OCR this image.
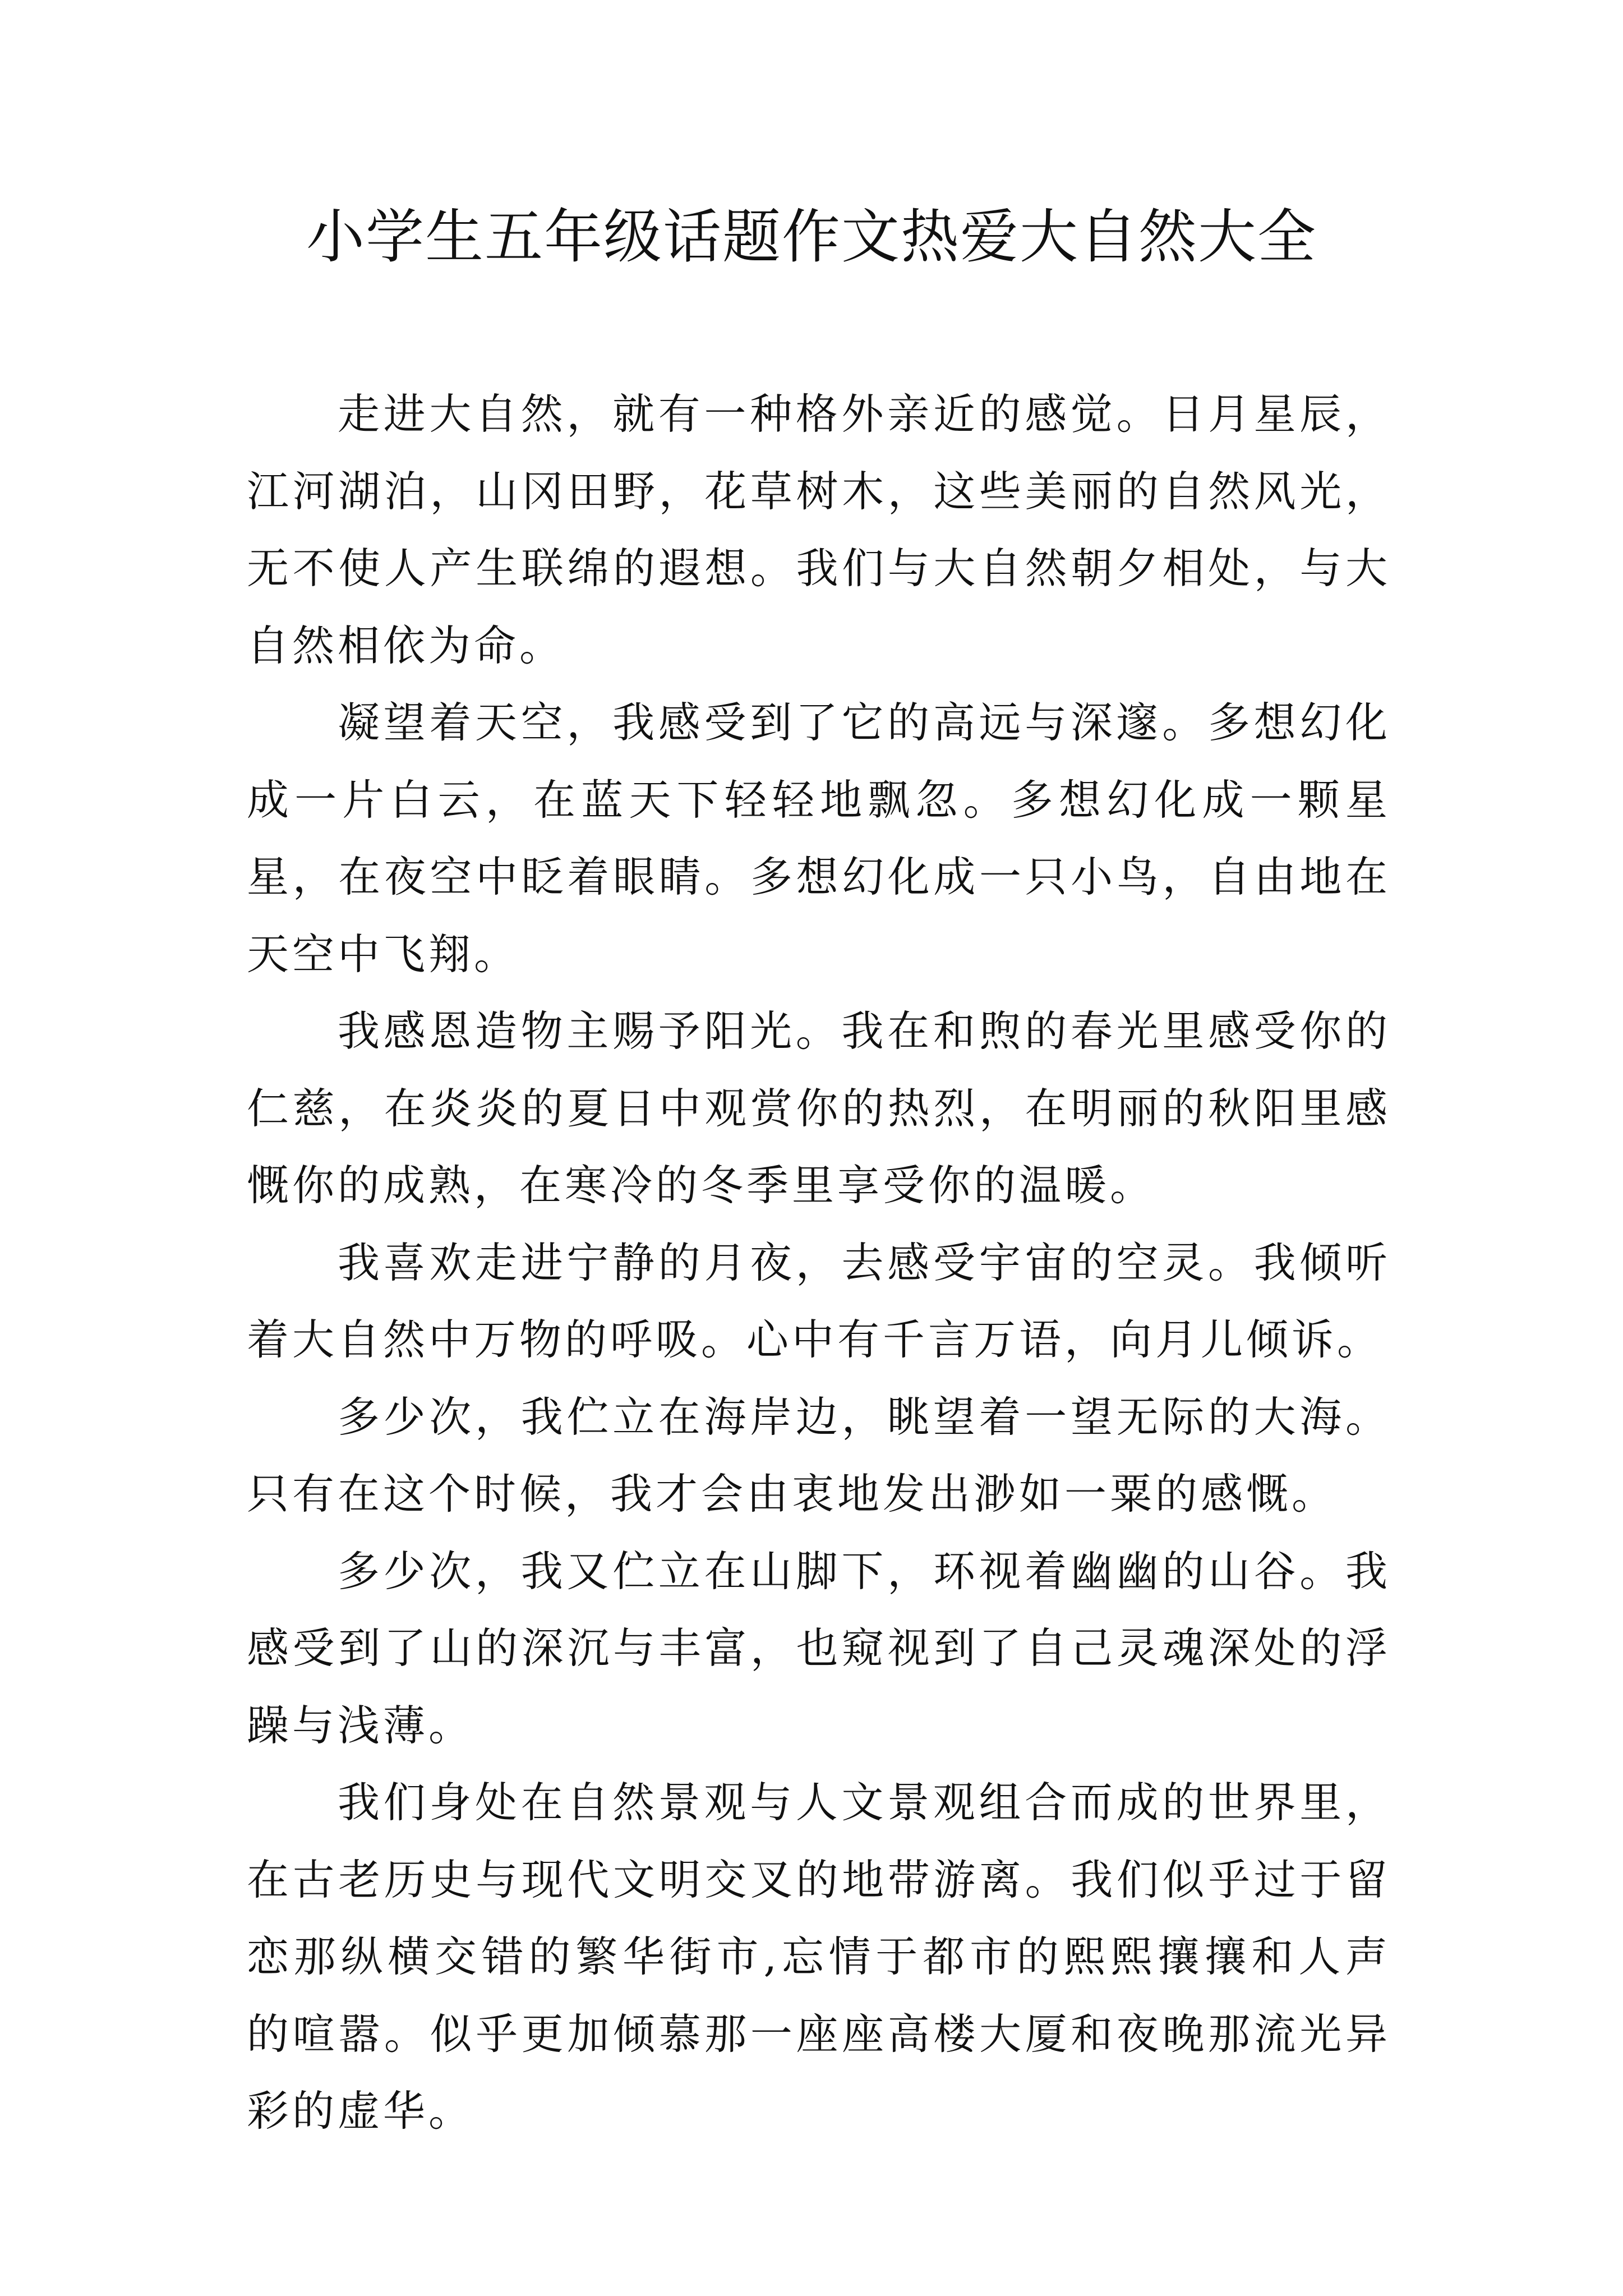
小学生五年级话题作文热爱大自然大全

走进大自然，就有一种格外亲近的感觉。日月星辰，江河湖泊，山冈田野，花草树木，这些美丽的自然风光，无不使人产生联绵的遐想。我们与大自然朝夕相处，与大自然相依为命。

凝望着天空，我感受到了它的高远与深邃。多想幻化成一片白云，在蓝天下轻轻地飘忽。多想幻化成一颗星星，在夜空中眨着眼睛。多想幻化成一只小鸟，自由地在天空中飞翔。

我感恩造物主赐予阳光。我在和煦的春光里感受你的仁慈，在炎炎的夏日中观赏你的热烈，在明丽的秋阳里感慨你的成熟，在寒冷的冬季里享受你的温暖。

我喜欢走进宁静的月夜，去感受宇宙的空灵。我倾听着大自然中万物的呼吸。心中有千言万语，向月儿倾诉。

多少次，我伫立在海岸边，眺望着一望无际的大海。只有在这个时候，我才会由衷地发出渺如一粟的感慨。

多少次，我又伫立在山脚下，环视着幽幽的山谷。我感受到了山的深沉与丰富，也窥视到了自己灵魂深处的浮躁与浅薄。

我们身处在自然景观与人文景观组合而成的世界里，在古老历史与现代文明交叉的地带游离。我们似乎过于留恋那纵横交错的繁华街市,忘情于都市的熙熙攘攘和人声的喧嚣。似乎更加倾慕那一座座高楼大厦和夜晚那流光异彩的虚华。
